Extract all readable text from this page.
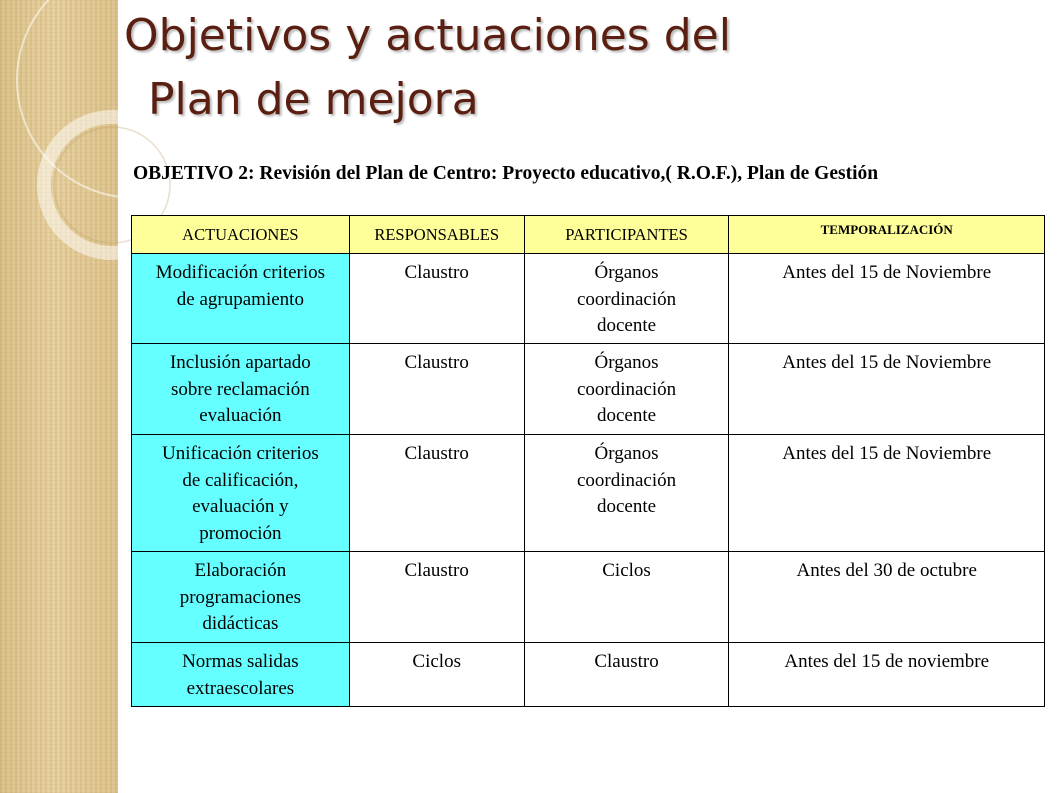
Objetivos y actuaciones del
Plan de mejora
OBJETIVO 2: Revisión del Plan de Centro: Proyecto educativo,( R.O.F.), Plan de Gestión
ACTUACIONES	RESPONSABLES	PARTICIPANTES	TEMPORALIZACIÓN
Modificación criterios
de agrupamiento	Claustro	Órganos
coordinación
docente	Antes del 15 de Noviembre
Inclusión apartado
sobre reclamación
evaluación	Claustro	Órganos
coordinación
docente	Antes del 15 de Noviembre
Unificación criterios
de calificación,
evaluación y
promoción	Claustro	Órganos
coordinación
docente	Antes del 15 de Noviembre
Elaboración
programaciones
didácticas	Claustro	Ciclos	Antes del 30 de octubre
Normas salidas
extraescolares	Ciclos	Claustro	Antes del 15 de noviembre
